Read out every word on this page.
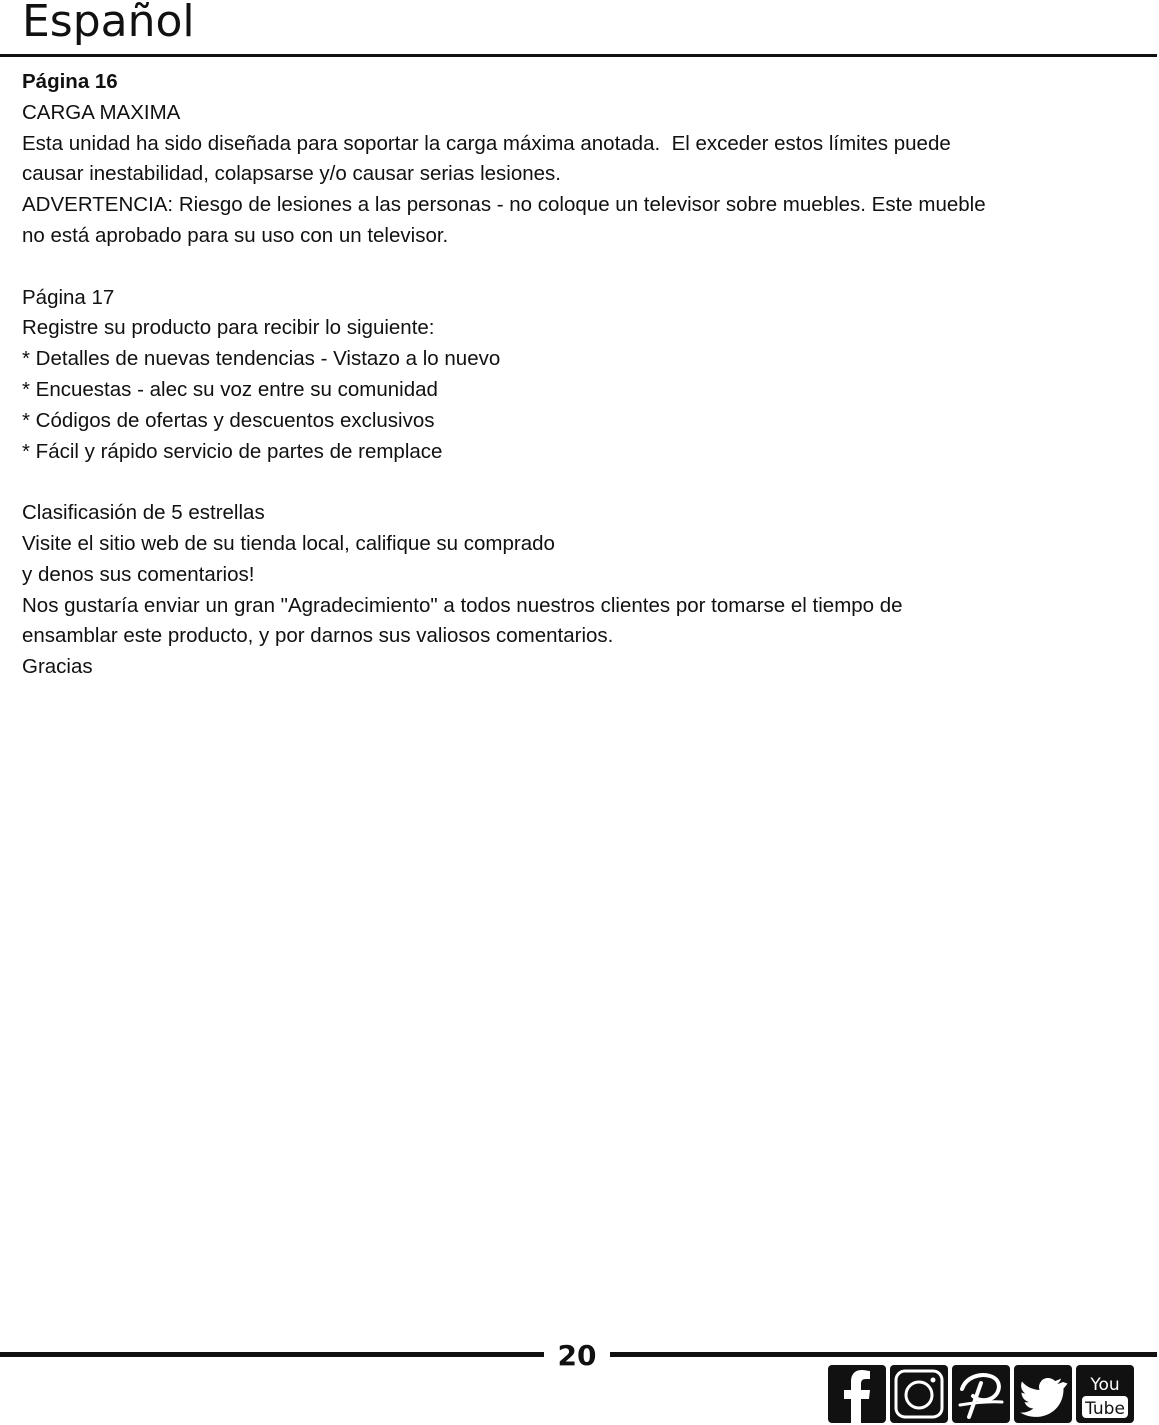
Español

Página 16

CARGA MAXIMA

Esta unidad ha sido diseñada para soportar la carga máxima anotada.  El exceder estos límites puede

causar inestabilidad, colapsarse y/o causar serias lesiones.

ADVERTENCIA: Riesgo de lesiones a las personas - no coloque un televisor sobre muebles. Este mueble

no está aprobado para su uso con un televisor.

Página 17

Registre su producto para recibir lo siguiente:

* Detalles de nuevas tendencias - Vistazo a lo nuevo

* Encuestas - alec su voz entre su comunidad

* Códigos de ofertas y descuentos exclusivos

* Fácil y rápido servicio de partes de remplace

Clasificasión de 5 estrellas

Visite el sitio web de su tienda local, califique su comprado

y denos sus comentarios!

Nos gustaría enviar un gran "Agradecimiento" a todos nuestros clientes por tomarse el tiempo de

ensamblar este producto, y por darnos sus valiosos comentarios.

Gracias

20
You
Tube
